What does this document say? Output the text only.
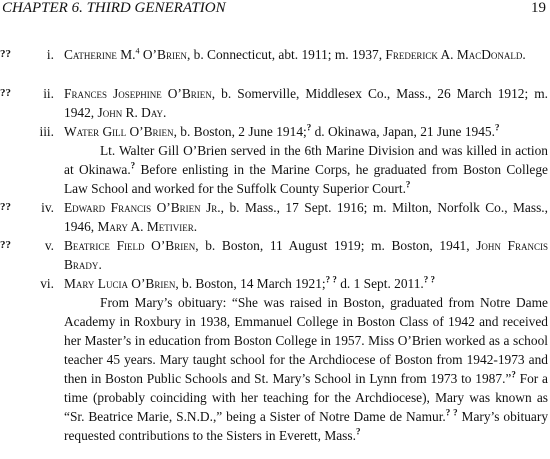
CHAPTER 6. THIRD GENERATION	19
??	i. Catherine M.$^4$ O’Brien, b. Connecticut, abt. 1911; m. 1937, Frederick A. MacDonald.
??	ii. Frances Josephine O’Brien, b. Somerville, Middlesex Co., Mass., 26 March 1912; m. 1942, John R. Day.
iii. Water Gill O’Brien, b. Boston, 2 June 1914;? d. Okinawa, Japan, 21 June 1945.?

Lt. Walter Gill O’Brien served in the 6th Marine Division and was killed in action at Okinawa.? Before enlisting in the Marine Corps, he graduated from Boston College Law School and worked for the Suffolk County Superior Court.?

??	iv. Edward Francis O’Brien Jr., b. Mass., 17 Sept. 1916; m. Milton, Norfolk Co., Mass., 1946, Mary A. Metivier.
??	v. Beatrice Field O’Brien, b. Boston, 11 August 1919; m. Boston, 1941, John Francis Brady.
vi. Mary Lucia O’Brien, b. Boston, 14 March 1921;? ? d. 1 Sept. 2011.? ?

From Mary’s obituary: “She was raised in Boston, graduated from Notre Dame Academy in Roxbury in 1938, Emmanuel College in Boston Class of 1942 and received her Master’s in education from Boston College in 1957. Miss O’Brien worked as a school teacher 45 years. Mary taught school for the Archdiocese of Boston from 1942-1973 and then in Boston Public Schools and St. Mary’s School in Lynn from 1973 to 1987.”? For a time (probably coinciding with her teaching for the Archdiocese), Mary was known as “Sr. Beatrice Marie, S.N.D.,” being a Sister of Notre Dame de Namur.? ? Mary’s obituary requested contributions to the Sisters in Everett, Mass.?
